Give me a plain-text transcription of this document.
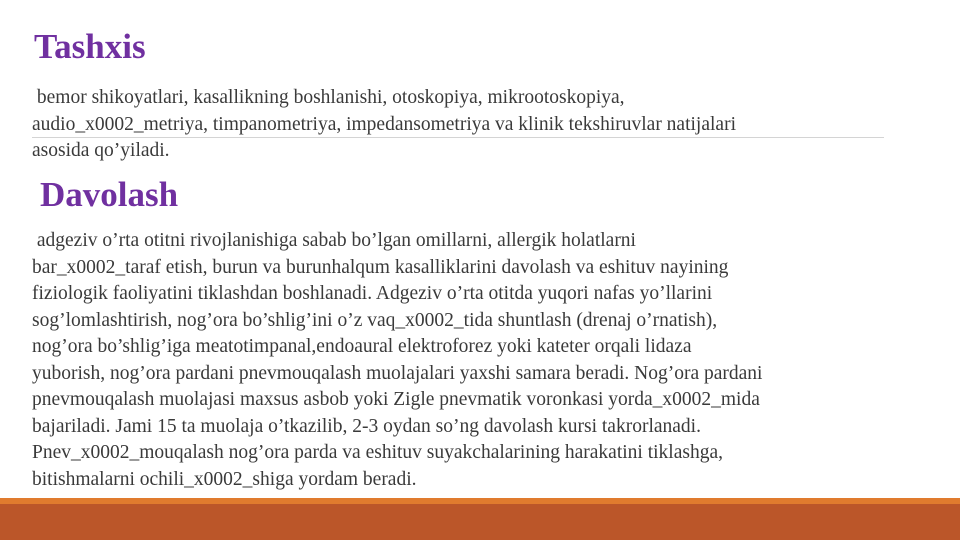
Tashxis

bemor shikoyatlari, kasallikning boshlanishi, otoskopiya, mikrootoskopiya,
audio_x0002_metriya, timpanometriya, impedansometriya va klinik tekshiruvlar natijalari
asosida qo’yiladi.

Davolash

adgeziv o’rta otitni rivojlanishiga sabab bo’lgan omillarni, allergik holatlarni
bar_x0002_taraf etish, burun va burunhalqum kasalliklarini davolash va eshituv nayining
fiziologik faoliyatini tiklashdan boshlanadi. Adgeziv o’rta otitda yuqori nafas yo’llarini
sog’lomlashtirish, nog’ora bo’shlig’ini o’z vaq_x0002_tida shuntlash (drenaj o’rnatish),
nog’ora bo’shlig’iga meatotimpanal,endoaural elektroforez yoki kateter orqali lidaza
yuborish, nog’ora pardani pnevmouqalash muolajalari yaxshi samara beradi. Nog’ora pardani
pnevmouqalash muolajasi maxsus asbob yoki Zigle pnevmatik voronkasi yorda_x0002_mida
bajariladi. Jami 15 ta muolaja o’tkazilib, 2-3 oydan so’ng davolash kursi takrorlanadi.
Pnev_x0002_mouqalash nog’ora parda va eshituv suyakchalarining harakatini tiklashga,
bitishmalarni ochili_x0002_shiga yordam beradi.
